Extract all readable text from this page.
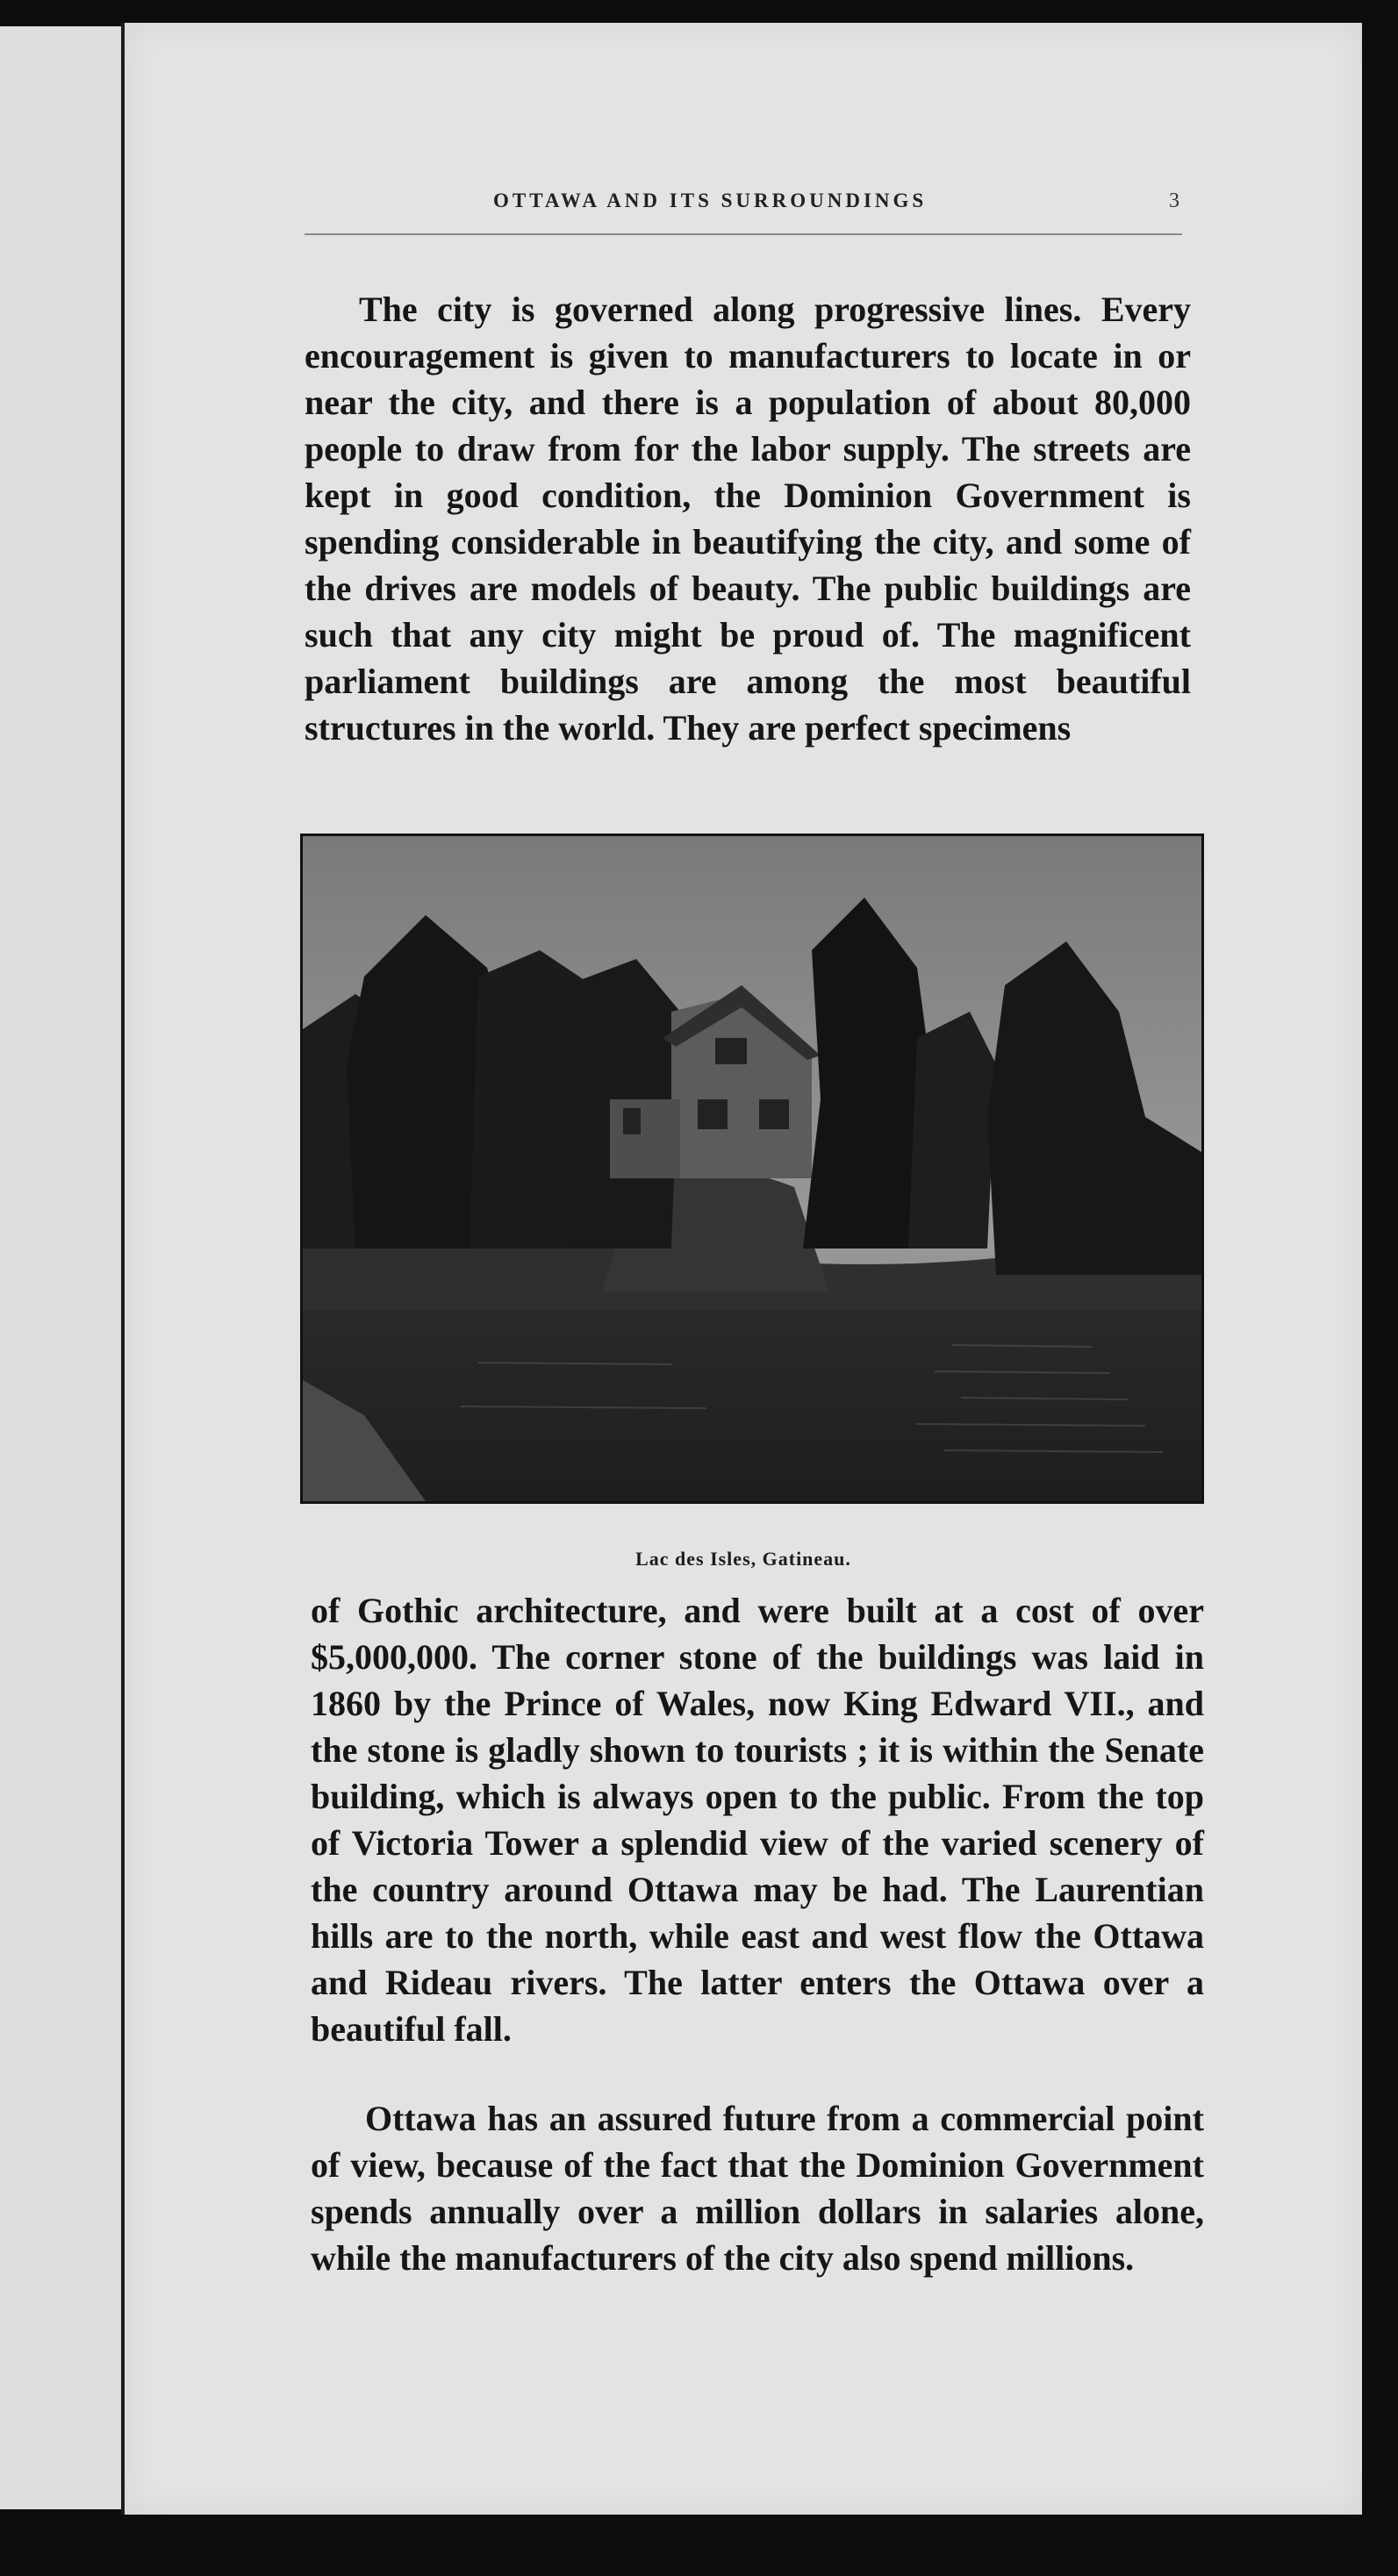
OTTAWA AND ITS SURROUNDINGS	3

The city is governed along progressive lines. Every encouragement is given to manufacturers to locate in or near the city, and there is a population of about 80,000 people to draw from for the labor supply. The streets are kept in good condition, the Dominion Government is spending considerable in beautifying the city, and some of the drives are models of beauty. The public buildings are such that any city might be proud of. The magnificent parliament buildings are among the most beautiful structures in the world. They are perfect specimens

Lac des Isles, Gatineau.

of Gothic architecture, and were built at a cost of over $5,000,000. The corner stone of the buildings was laid in 1860 by the Prince of Wales, now King Edward VII., and the stone is gladly shown to tourists ; it is within the Senate building, which is always open to the public. From the top of Victoria Tower a splendid view of the varied scenery of the country around Ottawa may be had. The Laurentian hills are to the north, while east and west flow the Ottawa and Rideau rivers. The latter enters the Ottawa over a beautiful fall.

Ottawa has an assured future from a commercial point of view, because of the fact that the Dominion Government spends annually over a million dollars in salaries alone, while the manufacturers of the city also spend millions.
